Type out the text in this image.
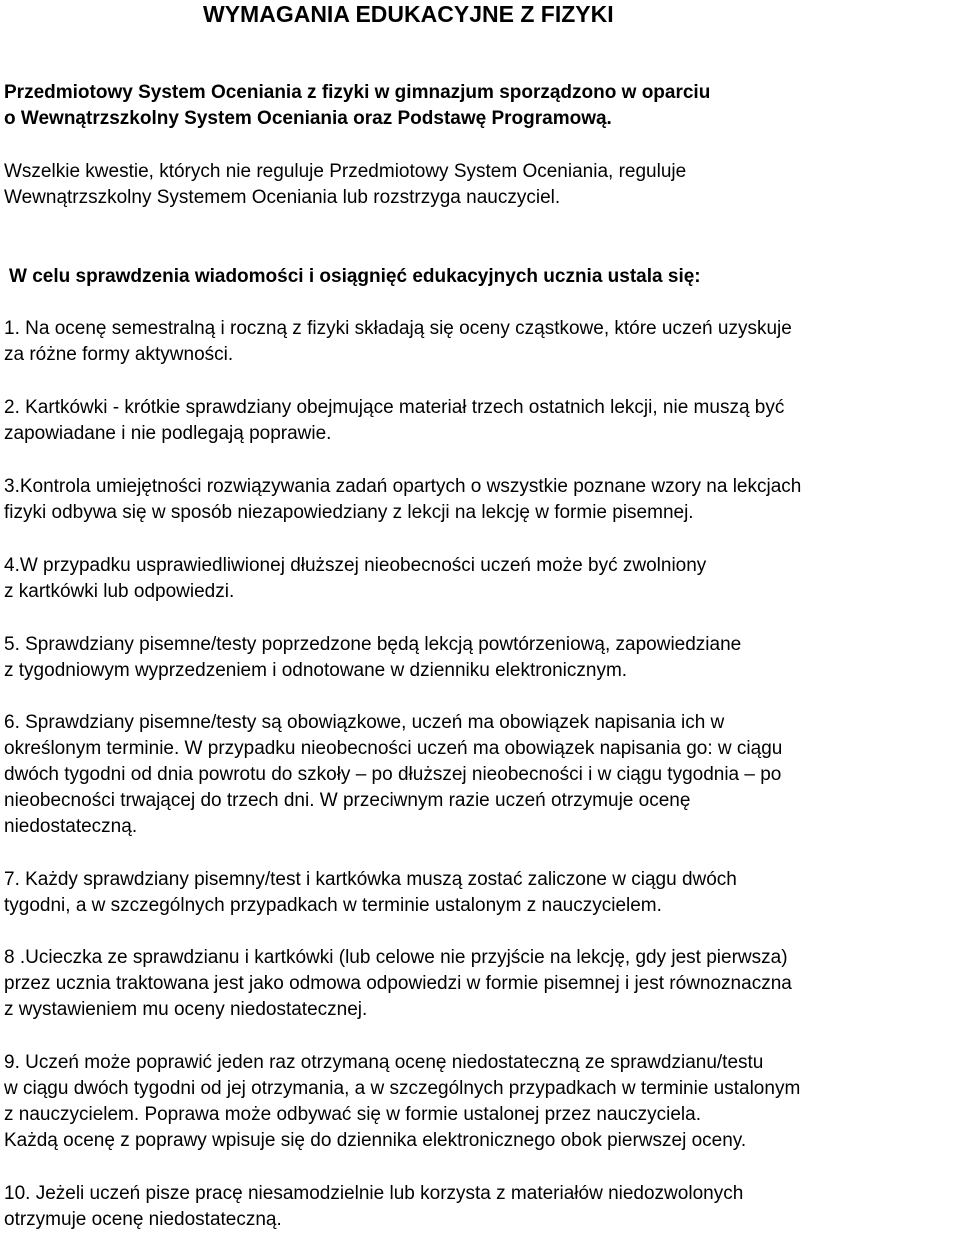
WYMAGANIA EDUKACYJNE Z FIZYKI
Przedmiotowy System Oceniania z fizyki w gimnazjum sporządzono w oparciu
o Wewnątrzszkolny System Oceniania oraz Podstawę Programową.
Wszelkie kwestie, których nie reguluje Przedmiotowy System Oceniania, reguluje
Wewnątrzszkolny Systemem Oceniania lub rozstrzyga nauczyciel.
W celu sprawdzenia wiadomości i osiągnięć edukacyjnych ucznia ustala się:
1. Na ocenę semestralną i roczną z fizyki składają się oceny cząstkowe, które uczeń uzyskuje
za różne formy aktywności.
2. Kartkówki - krótkie sprawdziany obejmujące materiał trzech ostatnich lekcji, nie muszą być
zapowiadane i nie podlegają poprawie.
3.Kontrola umiejętności rozwiązywania zadań opartych o wszystkie poznane wzory na lekcjach
fizyki odbywa się w sposób niezapowiedziany z lekcji na lekcję w formie pisemnej.
4.W przypadku usprawiedliwionej dłuższej nieobecności uczeń może być zwolniony
z kartkówki lub odpowiedzi.
5. Sprawdziany pisemne/testy poprzedzone będą lekcją powtórzeniową, zapowiedziane
z tygodniowym wyprzedzeniem i odnotowane w dzienniku elektronicznym.
6. Sprawdziany pisemne/testy są obowiązkowe, uczeń ma obowiązek napisania ich w
określonym terminie. W przypadku nieobecności uczeń ma obowiązek napisania go: w ciągu
dwóch tygodni od dnia powrotu do szkoły – po dłuższej nieobecności i w ciągu tygodnia – po
nieobecności trwającej do trzech dni. W przeciwnym razie uczeń otrzymuje ocenę
niedostateczną.
7. Każdy sprawdziany pisemny/test i kartkówka muszą zostać zaliczone w ciągu dwóch
tygodni, a w szczególnych przypadkach w terminie ustalonym z nauczycielem.
8 .Ucieczka ze sprawdzianu i kartkówki (lub celowe nie przyjście na lekcję, gdy jest pierwsza)
przez ucznia traktowana jest jako odmowa odpowiedzi w formie pisemnej i jest równoznaczna
z wystawieniem mu oceny niedostatecznej.
9. Uczeń może poprawić jeden raz otrzymaną ocenę niedostateczną ze sprawdzianu/testu
w ciągu dwóch tygodni od jej otrzymania, a w szczególnych przypadkach w terminie ustalonym
z nauczycielem. Poprawa może odbywać się w formie ustalonej przez nauczyciela.
Każdą ocenę z poprawy wpisuje się do dziennika elektronicznego obok pierwszej oceny.
10. Jeżeli uczeń pisze pracę niesamodzielnie lub korzysta z materiałów niedozwolonych
otrzymuje ocenę niedostateczną.
